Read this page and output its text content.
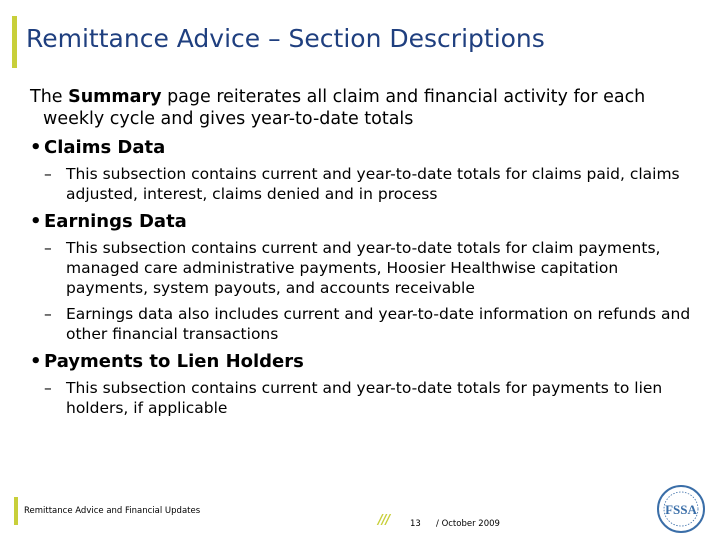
Remittance Advice – Section Descriptions

The Summary page reiterates all claim and financial activity for each weekly cycle and gives year-to-date totals

• Claims Data

– This subsection contains current and year-to-date totals for claims paid, claims adjusted, interest, claims denied and in process

• Earnings Data

– This subsection contains current and year-to-date totals for claim payments, managed care administrative payments, Hoosier Healthwise capitation payments, system payouts, and accounts receivable

– Earnings data also includes current and year-to-date information on refunds and other financial transactions

• Payments to Lien Holders

– This subsection contains current and year-to-date totals for payments to lien holders, if applicable

Remittance Advice and Financial Updates
/// 13 / October 2009
FSSA
